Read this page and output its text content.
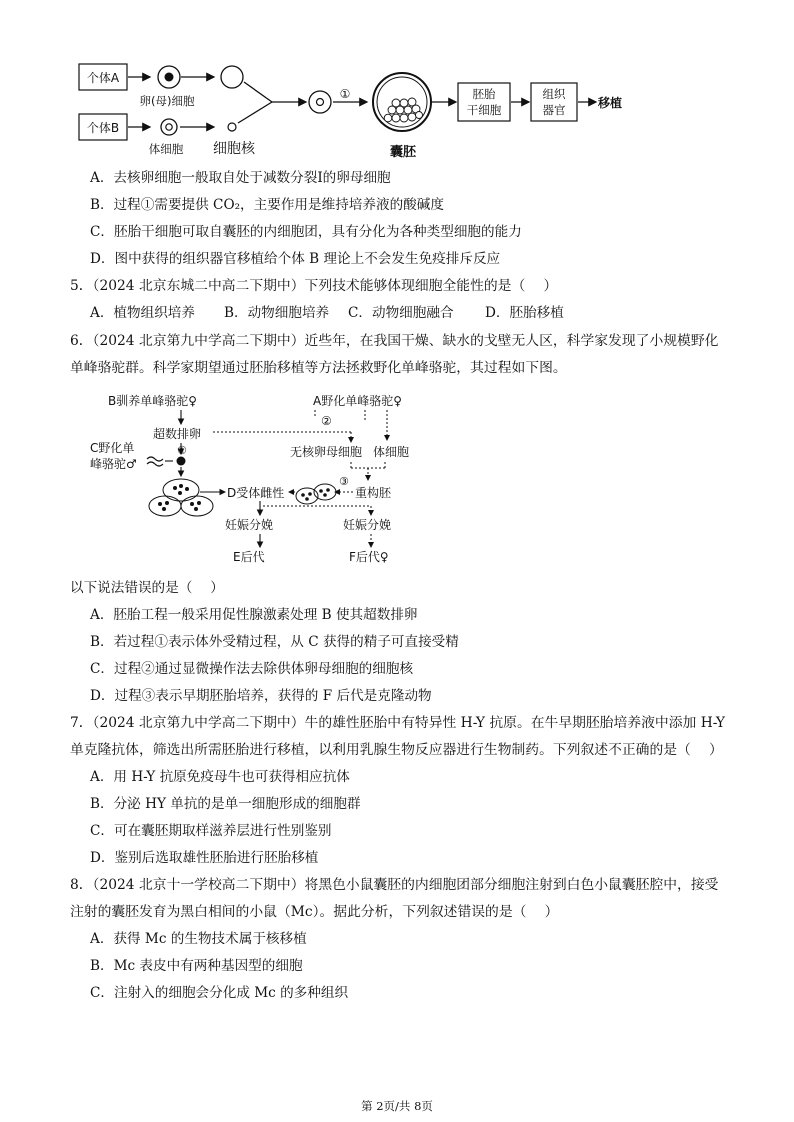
个体A
卵(母)细胞
个体B
体细胞 细胞核
①
囊胚
胚胎
干细胞
组织
器官	移植
A．去核卵细胞一般取自处于减数分裂Ⅰ的卵母细胞
B．过程①需要提供 CO₂，主要作用是维持培养液的酸碱度
C．胚胎干细胞可取自囊胚的内细胞团，具有分化为各种类型细胞的能力
D．图中获得的组织器官移植给个体 B 理论上不会发生免疫排斥反应
5．（2024 北京东城二中高二下期中）下列技术能够体现细胞全能性的是（　 ）
A．植物组织培养 B．动物细胞培养 C．动物细胞融合 D．胚胎移植
6．（2024 北京第九中学高二下期中）近些年，在我国干燥、缺水的戈壁无人区，科学家发现了小规模野化
单峰骆驼群。科学家期望通过胚胎移植等方法拯救野化单峰骆驼，其过程如下图。
B驯养单峰骆驼♀
超数排卵
A野化单峰骆驼♀
②
无核卵母细胞 体细胞
C野化单
峰骆驼♂
①
D受体雌性	重构胚
③
妊娠分娩	妊娠分娩
E后代	F后代♀
以下说法错误的是（　 ）
A．胚胎工程一般采用促性腺激素处理 B 使其超数排卵
B．若过程①表示体外受精过程，从 C 获得的精子可直接受精
C．过程②通过显微操作法去除供体卵母细胞的细胞核
D．过程③表示早期胚胎培养，获得的 F 后代是克隆动物
7．（2024 北京第九中学高二下期中）牛的雄性胚胎中有特异性 H-Y 抗原。在牛早期胚胎培养液中添加 H-Y
单克隆抗体，筛选出所需胚胎进行移植，以利用乳腺生物反应器进行生物制药。下列叙述不正确的是（　 ）
A．用 H-Y 抗原免疫母牛也可获得相应抗体
B．分泌 HY 单抗的是单一细胞形成的细胞群
C．可在囊胚期取样滋养层进行性别鉴别
D．鉴别后选取雄性胚胎进行胚胎移植
8．（2024 北京十一学校高二下期中）将黑色小鼠囊胚的内细胞团部分细胞注射到白色小鼠囊胚腔中，接受
注射的囊胚发育为黑白相间的小鼠（Mc）。据此分析，下列叙述错误的是（　 ）
A．获得 Mc 的生物技术属于核移植
B．Mc 表皮中有两种基因型的细胞
C．注射入的细胞会分化成 Mc 的多种组织
第 2页/共 8页
